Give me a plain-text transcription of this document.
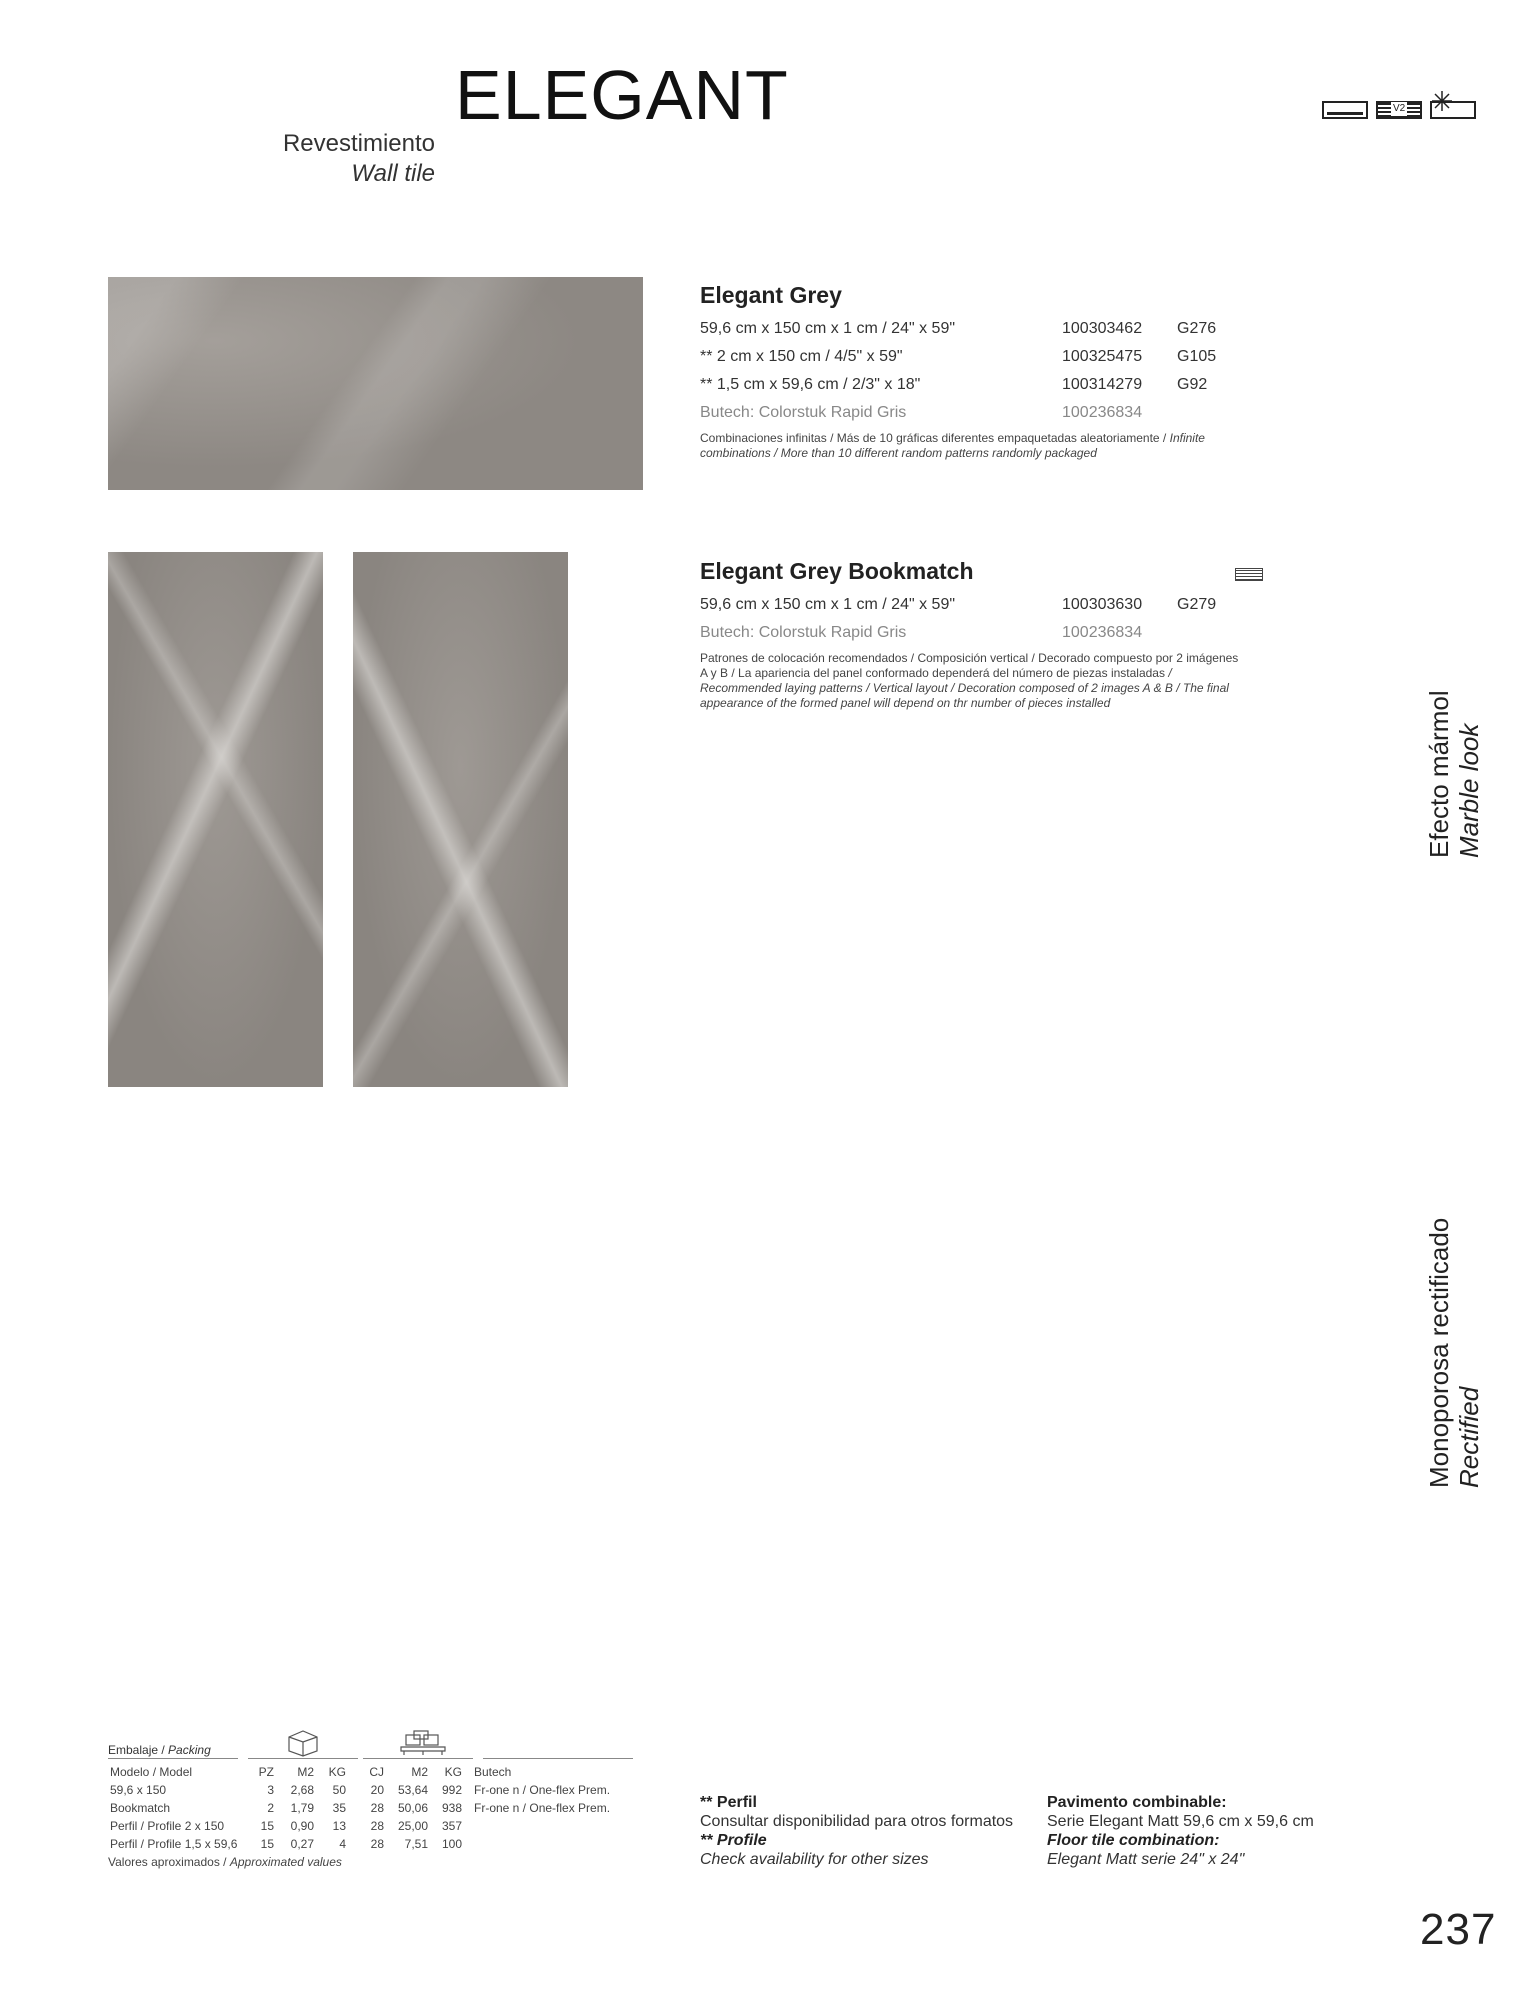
ELEGANT
Revestimiento
Wall tile
V2
Elegant Grey
59,6 cm x 150 cm x 1 cm / 24" x 59"	100303462 G276
** 2 cm x 150 cm / 4/5" x 59"	100325475 G105
** 1,5 cm x 59,6 cm / 2/3" x 18"	100314279 G92
Butech: Colorstuk Rapid Gris	100236834
Combinaciones infinitas / Más de 10 gráficas diferentes empaquetadas aleatoriamente / Infinite combinations / More than 10 different random patterns randomly packaged
Elegant Grey Bookmatch
59,6 cm x 150 cm x 1 cm / 24" x 59"	100303630 G279
Butech: Colorstuk Rapid Gris	100236834
Patrones de colocación recomendados / Composición vertical / Decorado compuesto por 2 imágenes A y B / La apariencia del panel conformado dependerá del número de piezas instaladas / Recommended laying patterns / Vertical layout / Decoration composed of 2 images A & B / The final appearance of the formed panel will depend on thr number of pieces installed	Efecto mármol Marble look
Monoporosa rectificado Rectified
Embalaje / Packing
Modelo / Model	PZ	M2	KG	CJ	M2	KG	Butech
59,6 x 150	3	2,68	50	20	53,64	992	Fr-one n / One-flex Prem.
Bookmatch	2	1,79	35	28	50,06	938	Fr-one n / One-flex Prem.
Perfil / Profile 2 x 150	15	0,90	13	28	25,00	357	
Perfil / Profile 1,5 x 59,6	15	0,27	4	28	7,51	100	
Valores aproximados / Approximated values
** Perfil
Consultar disponibilidad para otros formatos
** Profile
Check availability for other sizes
Pavimento combinable:
Serie Elegant Matt 59,6 cm x 59,6 cm
Floor tile combination:
Elegant Matt serie 24" x 24"
237
